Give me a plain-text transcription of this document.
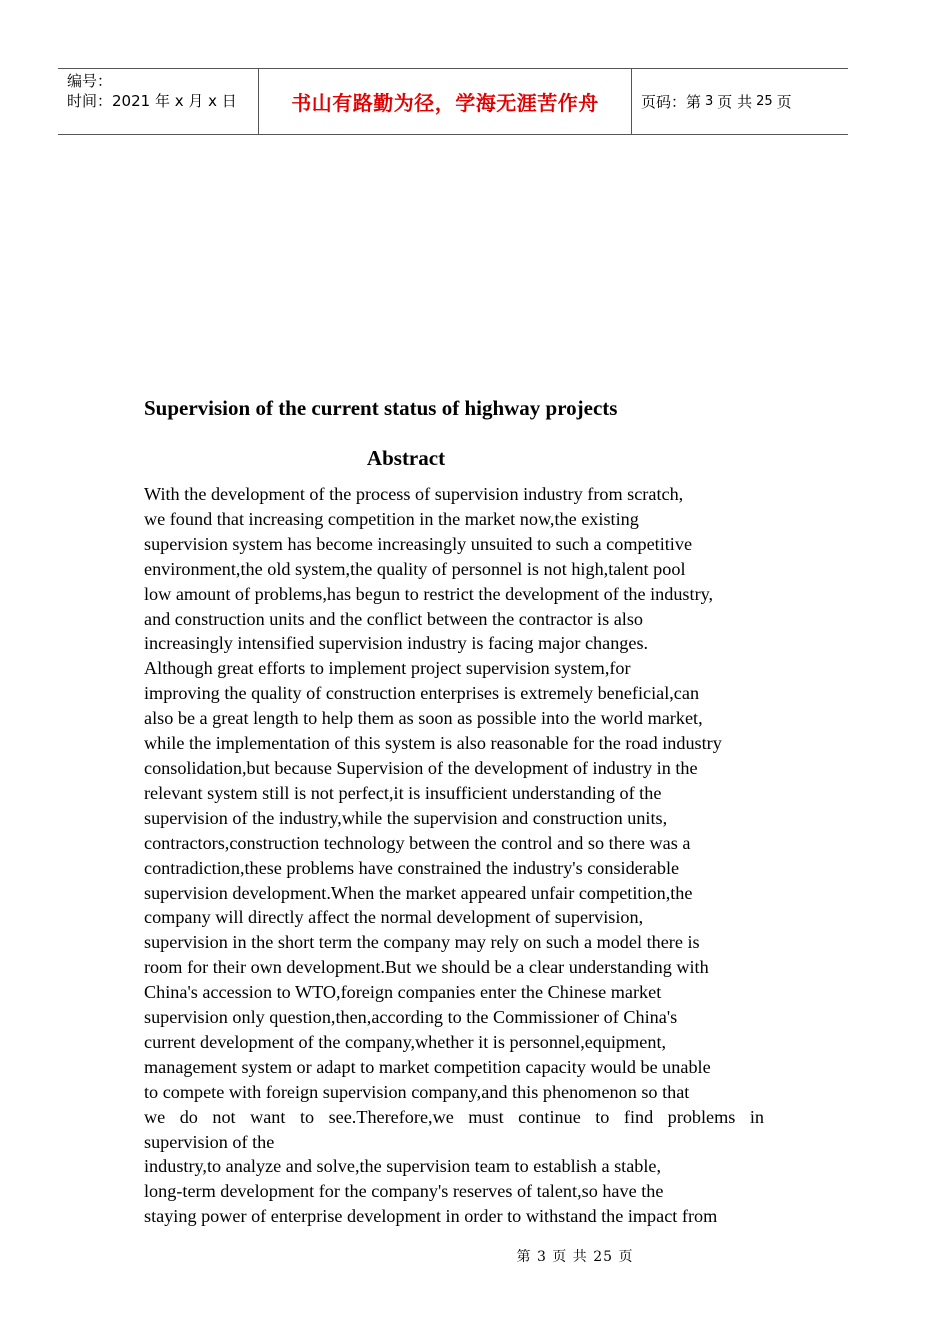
编号：
时间：2021 年 x 月 x 日	书山有路勤为径，学海无涯苦作舟	页码：第 3 页 共 25 页
Supervision of the current status of highway projects
Abstract
With the development of the process of supervision industry from scratch,
we found that increasing competition in the market now,the existing
supervision system has become increasingly unsuited to such a competitive
environment,the old system,the quality of personnel is not high,talent pool
low amount of problems,has begun to restrict the development of the industry,
and construction units and the conflict between the contractor is also
increasingly intensified supervision industry is facing major changes.
Although great efforts to implement project supervision system,for
improving the quality of construction enterprises is extremely beneficial,can
also be a great length to help them as soon as possible into the world market,
while the implementation of this system is also reasonable for the road industry
consolidation,but because Supervision of the development of industry in the
relevant system still is not perfect,it is insufficient understanding of the
supervision of the industry,while the supervision and construction units,
contractors,construction technology between the control and so there was a
contradiction,these problems have constrained the industry's considerable
supervision development.When the market appeared unfair competition,the
company will directly affect the normal development of supervision,
supervision in the short term the company may rely on such a model there is
room for their own development.But we should be a clear understanding with
China's accession to WTO,foreign companies enter the Chinese market
supervision only question,then,according to the Commissioner of China's
current development of the company,whether it is personnel,equipment,
management system or adapt to market competition capacity would be unable
to compete with foreign supervision company,and this phenomenon so that
we do not want to see.Therefore,we must continue to find problems in
supervision of the
industry,to analyze and solve,the supervision team to establish a stable,
long-term development for the company's reserves of talent,so have the
staying power of enterprise development in order to withstand the impact from
第 3 页 共 25 页
